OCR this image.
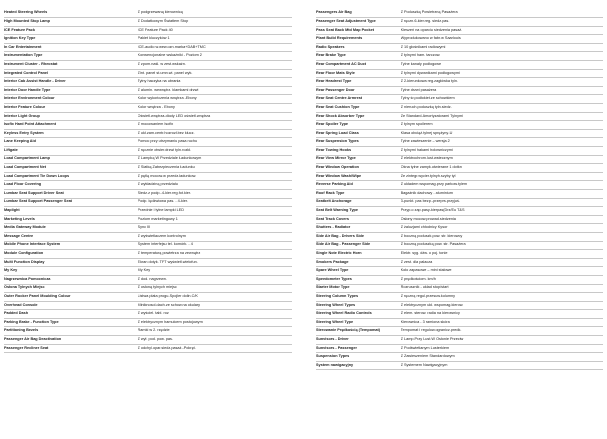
Heated Steering Wheels	Z podgrzewaną kierownicą
High Mounted Stop Lamp	Z Dodatkowym Światłem Stop
ICE Feature Pack	ICE Feature Pack 40
Ignition Key Type	Pakiet kluczyków 1
In Car Entertainment	ICE-audio w.wew.ozn.marka+DAB+TMC
Instrumentation Type	Konwencjonalne wskaźniki - Poziom 2
Instrument Cluster - Rheostat	Z zpom.naśl. w zest.wskaźn.
Integrated Control Panel	Zint. panel st.umn.wi. panel wyk.
Interior Cab Assist Handle - Driver	Tylny haczyka na ubrania
Interior Door Handle Type	Z alumin. wewnętrz. klamkami drzwi
Interior Environment Colour	Kolor wykończenia wnętrza -Ebony
Interior Feature Colour	Kolor wnętrza - Ebony
Interior Light Group	Oświetl.wnętrza-diody LED oświetl.wnętrza
Isofix Hard Point Attachment	Z mocowaniem Isofix
Keyless Entry System	Z ukł.zam.centr.hozrozł.bez klucz.
Lane Keeping Aid	Pomoc przy utrzymaniu pasa ruchu
Liftgate	Z ręcznie otwier.drzwi tyln.rozkł.
Load Compartment Lamp	Z Lampką W Przedziale Ładunkowym
Load Compartment Net	Z Siatką Zabezpieczenia Ładunku
Load Compartment Tie Down Loops	Z pętlą mocow.w przedz.ładunkow.
Load Floor Covering	Z wykładziną przedziału
Lumbar Seat Support Driver Seat	Siedz.z podp.-4-kier.reg.fot.kier.
Lumbar Seat Support Passenger Seat	Podp. lędźwiowa pas. - 4-kier.
Maplight	Przednie i tylne lampki LED
Marketing Levels	Poziom marketingowy 1
Media Gateway Module	Sync III
Message Centre	Z wyświetlaczem kontrolnym
Mobile Phone Interface System	System interfejsu tel. komórk. - 4
Module Configuration	Z temperaturą powietrza na zewnątrz
Multi Function Display	Ekran dotyk. TFT wyświetl.wielofun.
My Key	My Key
Nagrzewnica Pomocnicza	Z dod. nagrzewn.
Osłona Tylnych Miejsc	Z osłoną tylnych miejsc
Outer Rocker Panel Moulding Colour	Listwa plata progu-Spojler dolin.C/K
Overhead Console	Miniknosol.dach.ze schow.na okulary
Padded Dash	Z wyściel. tabl. roz
Parking Brake - Function Type	Z elektrycznym hamulcem postojowym
Partitioning Bezels	Ramki w 2. rzędzie
Passenger Air Bag Deactivation	Z wył. pod. pow. pas.
Passenger Recliner Seat	Z odchyl.opar.siedz.pasaż.-Pokręt.
Passengers Air Bag	Z Poduszką Powietrzną Pasażera
Passenger Seat Adjustment Type	Z ręczn.6-kier.reg. siedz.pas.
Pass Seat Back Mtd Map Pocket	Kieszeń na oparciu siedzenia pasaż.
Plant Build Requirements	Wyprodukowano w fabr.w Saarlouis
Radio Speakers	Z 10 głośnikami radiowymi
Rear Brake Type	Z tylnymi ham. tarczow.
Rear Compartment AC Duct	Tylne kanały podłogowe
Rear Floor Mats Style	Z tylnymi dywanikami podłogowymi
Rear Headrest Type	Z 2-kierunkowa reg.zagłówka tyln.
Rear Passenger Door	Tylne drzwi pasażera
Rear Seat Centre Armrest	Tylny śr.podłokiet.ze schowkiem
Rear Seat Cushion Type	Z nieruch.poduszką tyln.siedz.
Rear Shock Absorber Type	Ze Standard.Amortyzatorami Tylnymi
Rear Spoiler Type	Z tylnym spoilerem
Rear Spring Load Class	Klasa obciąż.tylnej sprężyny-U
Rear Suspension Types	Tylne zawieszenie – wersja 2
Rear Towing Hooks	Z tylnymi hakami holowniczymi
Rear View Mirror Type	Z elektrochrom.lust.wstecznym
Rear Window Operation	Okna tylne zamyk.otwierane 1 dotkn
Rear Window Wash/Wipe	Ze zintegr.wycier.tylnyh.szyby tyl
Reverse Parking Aid	Z układem wspomag.przy parkow.tylem
Roof Rack Type	Bagażnik dachowy - aluminium
Seatbelt Anchorage	3-punkt. pas bezp.-przeprs.przyjuś.
Seat Belt Warning Type	Przyp.o zap.pasy-kierpas(Drz/Eu T&S
Seat Track Covers	Osłony mocow.prowad.siedzenia
Shutters - Radiator	Z żaluzjami chłodnicy Kysor
Side Air Bag - Drivers Side	Z boczną poduszk.pow. str. kierowcy
Side Air Bag - Passenger Side	Z boczną poduszką pow. str. Pasażera
Single Note Electric Horn	Elektr. syg. dźw. o poj. tonie
Smokers Package	Z zest. dla palacza
Spare Wheel Type	Koło zapasowe – mini stalowe
Speedometer Types	Z prędkościom. km/h
Starter Motor Type	Rozrusznik - układ stop/start
Steering Column Types	Z ręczną regul.przesuw.kolumny
Steering Wheel Types	Z elektrycznym ukł. wspomag.kierow.
Steering Wheel Radio Controls	Z elem. sterow. radia na kierownicy
Steering Wheel Type	Kierownica - 3 ramiona skóra
Sterowanie Prędkością (Tempomat)	Tempomat i regulow.ogranicz.predk.
Sunvisors - Driver	Z Lamp.Przy Lust.W Osłonie Przeciw
Sunvisors - Passenger	Z Podświetlanym Lusterkiem
Suspension Types	Z Zawieszeniem Standardowym
System nawigacyjny	Z Systemem Nawigacyjnym
